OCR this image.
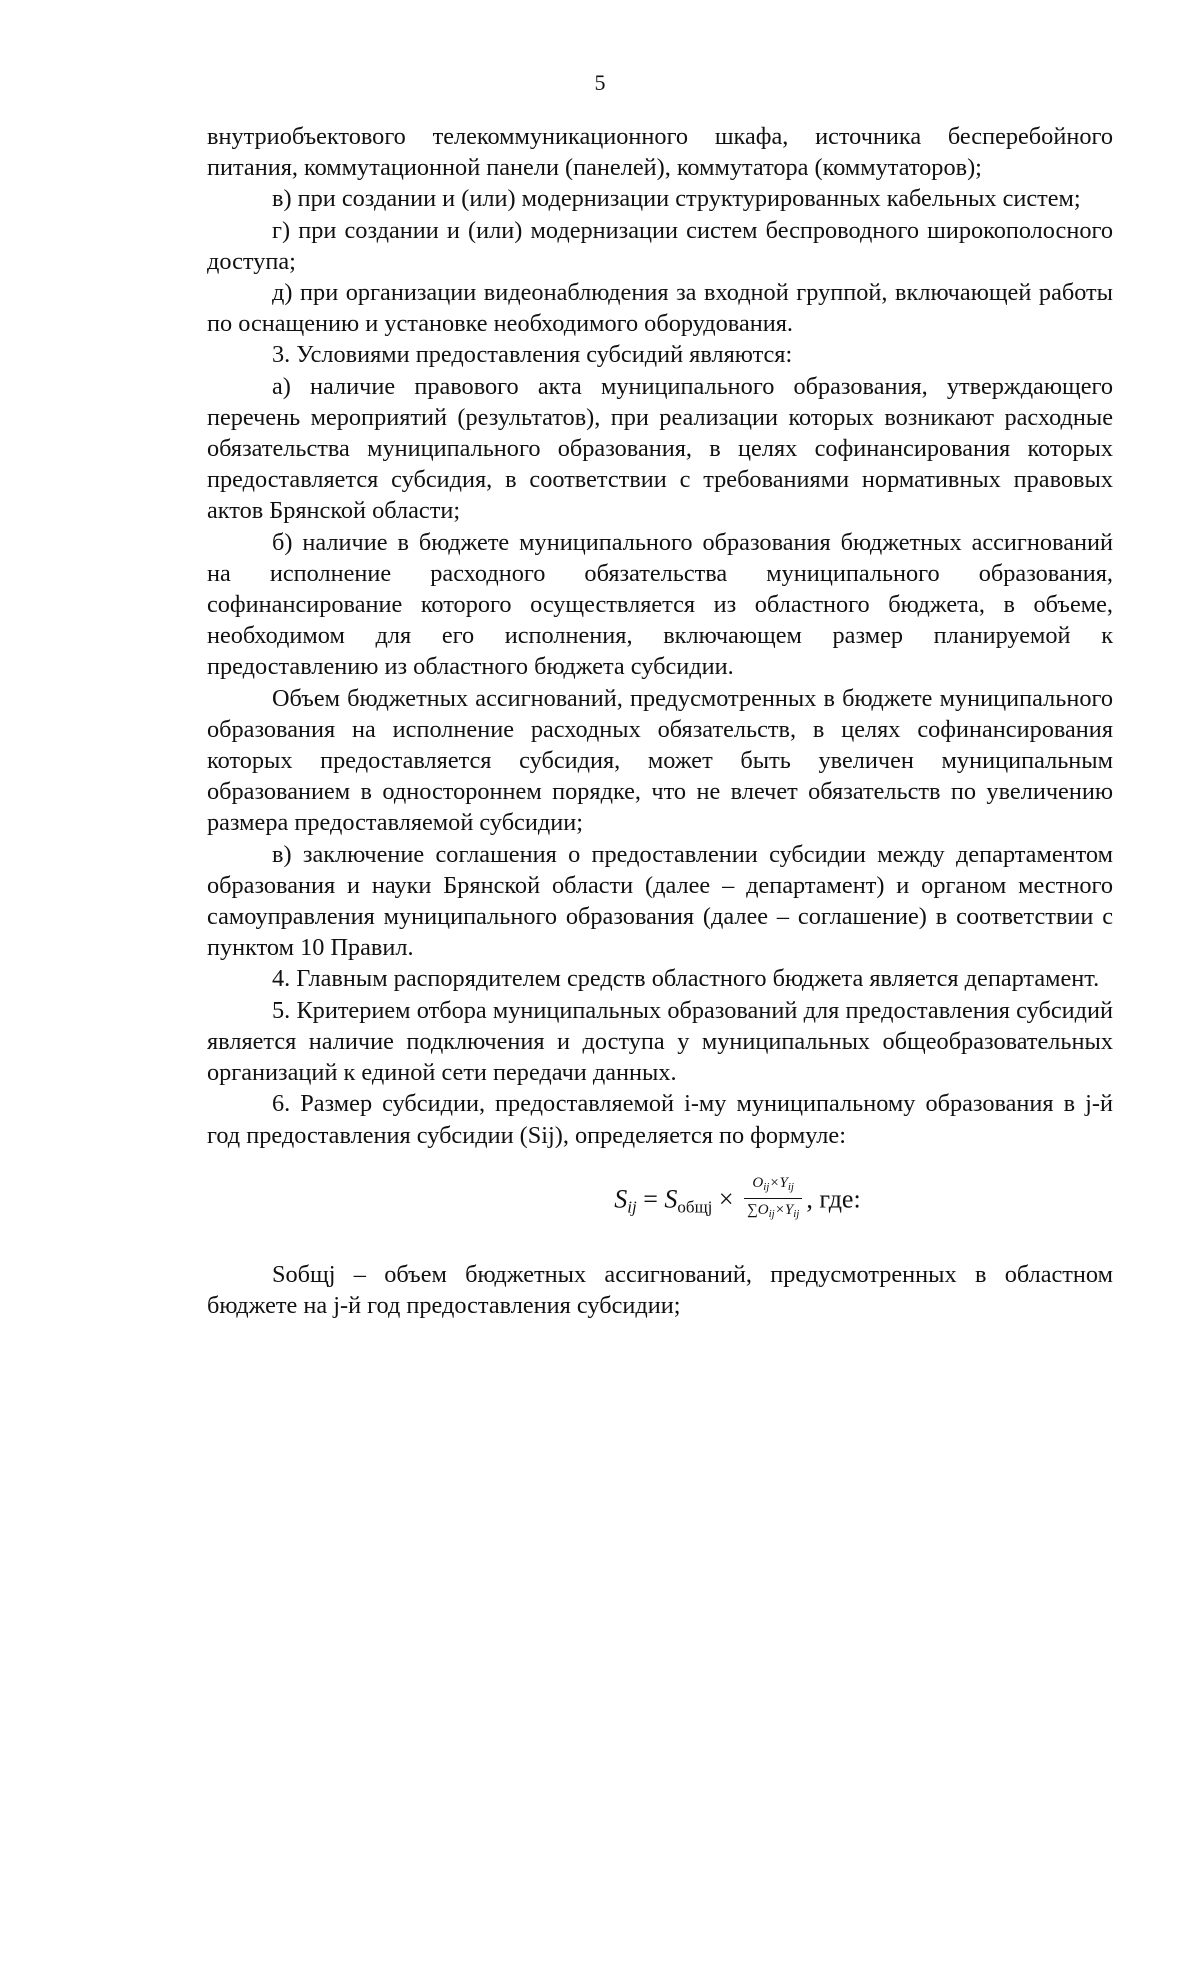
5

внутриобъектового телекоммуникационного шкафа, источника бесперебойного питания, коммутационной панели (панелей), коммутатора (коммутаторов);

в) при создании и (или) модернизации структурированных кабельных систем;

г) при создании и (или) модернизации систем беспроводного широкополосного доступа;

д) при организации видеонаблюдения за входной группой, включающей работы по оснащению и установке необходимого оборудования.

3. Условиями предоставления субсидий являются:

а) наличие правового акта муниципального образования, утверждающего перечень мероприятий (результатов), при реализации которых возникают расходные обязательства муниципального образования, в целях софинансирования которых предоставляется субсидия, в соответствии с требованиями нормативных правовых актов Брянской области;

б) наличие в бюджете муниципального образования бюджетных ассигнований на исполнение расходного обязательства муниципального образования, софинансирование которого осуществляется из областного бюджета, в объеме, необходимом для его исполнения, включающем размер планируемой к предоставлению из областного бюджета субсидии.

Объем бюджетных ассигнований, предусмотренных в бюджете муниципального образования на исполнение расходных обязательств, в целях софинансирования которых предоставляется субсидия, может быть увеличен муниципальным образованием в одностороннем порядке, что не влечет обязательств по увеличению размера предоставляемой субсидии;

в) заключение соглашения о предоставлении субсидии между департаментом образования и науки Брянской области (далее – департамент) и органом местного самоуправления муниципального образования (далее – соглашение) в соответствии с пунктом 10 Правил.

4. Главным распорядителем средств областного бюджета является департамент.

5. Критерием отбора муниципальных образований для предоставления субсидий является наличие подключения и доступа у муниципальных общеобразовательных организаций к единой сети передачи данных.

6. Размер субсидии, предоставляемой i-му муниципальному образования в j-й год предоставления субсидии (Sij), определяется по формуле:

$S_{ij} = S_{общj} \times \frac{O_{ij}\times Y_{ij}}{\sum O_{ij}\times Y_{ij}}$ , где:

Sобщj – объем бюджетных ассигнований, предусмотренных в областном бюджете на j-й год предоставления субсидии;
